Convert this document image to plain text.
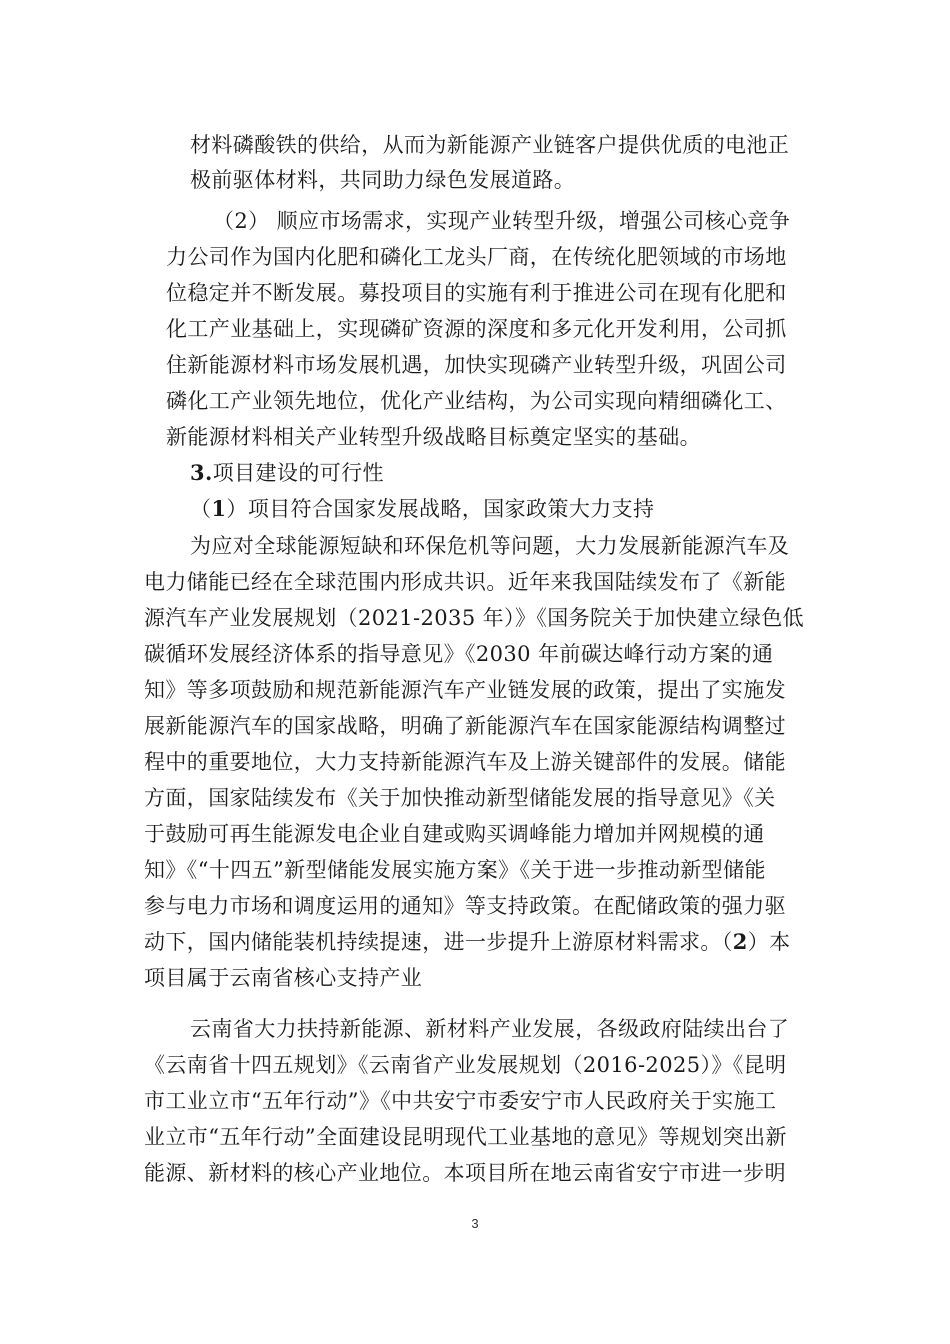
材料磷酸铁的供给，从而为新能源产业链客户提供优质的电池正
极前驱体材料，共同助力绿色发展道路。
（2） 顺应市场需求，实现产业转型升级，增强公司核心竞争
力公司作为国内化肥和磷化工龙头厂商，在传统化肥领域的市场地
位稳定并不断发展。募投项目的实施有利于推进公司在现有化肥和
化工产业基础上，实现磷矿资源的深度和多元化开发利用，公司抓
住新能源材料市场发展机遇，加快实现磷产业转型升级，巩固公司
磷化工产业领先地位，优化产业结构，为公司实现向精细磷化工、
新能源材料相关产业转型升级战略目标奠定坚实的基础。
3.项目建设的可行性
（1）项目符合国家发展战略，国家政策大力支持
为应对全球能源短缺和环保危机等问题，大力发展新能源汽车及
电力储能已经在全球范围内形成共识。近年来我国陆续发布了《新能
源汽车产业发展规划（2021-2035 年）》《国务院关于加快建立绿色低
碳循环发展经济体系的指导意见》《2030 年前碳达峰行动方案的通
知》等多项鼓励和规范新能源汽车产业链发展的政策，提出了实施发
展新能源汽车的国家战略，明确了新能源汽车在国家能源结构调整过
程中的重要地位，大力支持新能源汽车及上游关键部件的发展。储能
方面，国家陆续发布《关于加快推动新型储能发展的指导意见》《关
于鼓励可再生能源发电企业自建或购买调峰能力增加并网规模的通
知》《“十四五”新型储能发展实施方案》《关于进一步推动新型储能
参与电力市场和调度运用的通知》等支持政策。在配储政策的强力驱
动下，国内储能装机持续提速，进一步提升上游原材料需求。（2）本
项目属于云南省核心支持产业
云南省大力扶持新能源、新材料产业发展，各级政府陆续出台了
《云南省十四五规划》《云南省产业发展规划（2016-2025）》《昆明
市工业立市“五年行动”》《中共安宁市委安宁市人民政府关于实施工
业立市“五年行动”全面建设昆明现代工业基地的意见》等规划突出新
能源、新材料的核心产业地位。本项目所在地云南省安宁市进一步明
3
